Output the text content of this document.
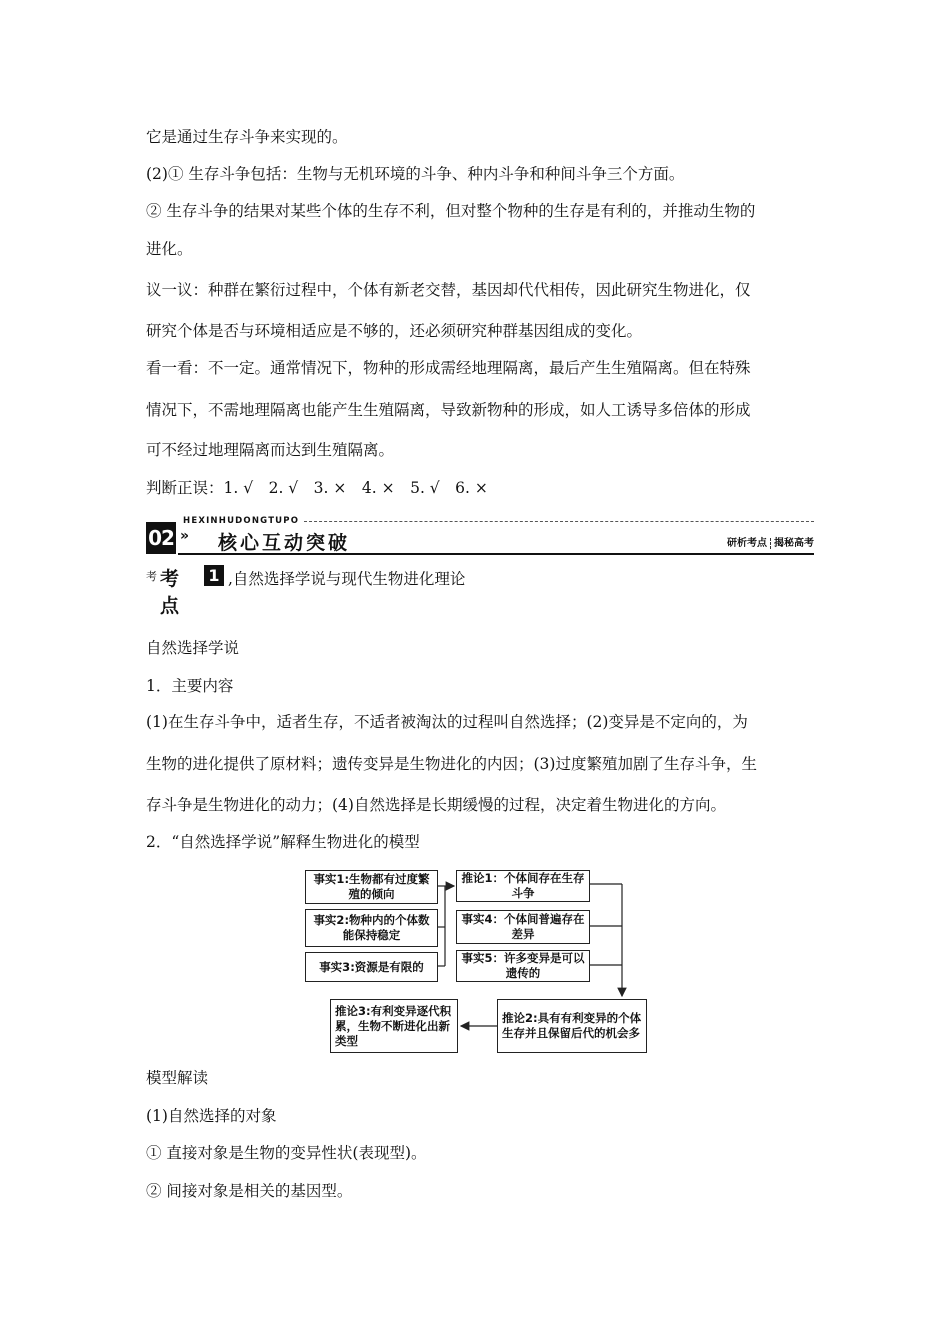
它是通过生存斗争来实现的。
(2)① 生存斗争包括：生物与无机环境的斗争、种内斗争和种间斗争三个方面。
② 生存斗争的结果对某些个体的生存不利，但对整个物种的生存是有利的，并推动生物的
进化。
议一议：种群在繁衍过程中，个体有新老交替，基因却代代相传，因此研究生物进化，仅
研究个体是否与环境相适应是不够的，还必须研究种群基因组成的变化。
看一看：不一定。通常情况下，物种的形成需经地理隔离，最后产生生殖隔离。但在特殊
情况下，不需地理隔离也能产生生殖隔离，导致新物种的形成，如人工诱导多倍体的形成
可不经过地理隔离而达到生殖隔离。
判断正误：1. √　2. √　3. ×　4. ×　5. √　6. ×
02
HEXINHUDONGTUPO
» 核心互动突破	研析考点 揭秘高考
考 考点
1 ,自然选择学说与现代生物进化理论
自然选择学说
1．主要内容
(1)在生存斗争中，适者生存，不适者被淘汰的过程叫自然选择；(2)变异是不定向的，为
生物的进化提供了原材料；遗传变异是生物进化的内因；(3)过度繁殖加剧了生存斗争，生
存斗争是生物进化的动力；(4)自然选择是长期缓慢的过程，决定着生物进化的方向。
2．“自然选择学说”解释生物进化的模型
事实1:生物都有过度繁殖的倾向
事实2:物种内的个体数能保持稳定
事实3:资源是有限的
推论1：个体间存在生存斗争
事实4：个体间普遍存在差异
事实5：许多变异是可以遗传的
推论2:具有有利变异的个体生存并且保留后代的机会多
推论3:有利变异逐代积累，生物不断进化出新类型
模型解读
(1)自然选择的对象
① 直接对象是生物的变异性状(表现型)。
② 间接对象是相关的基因型。
